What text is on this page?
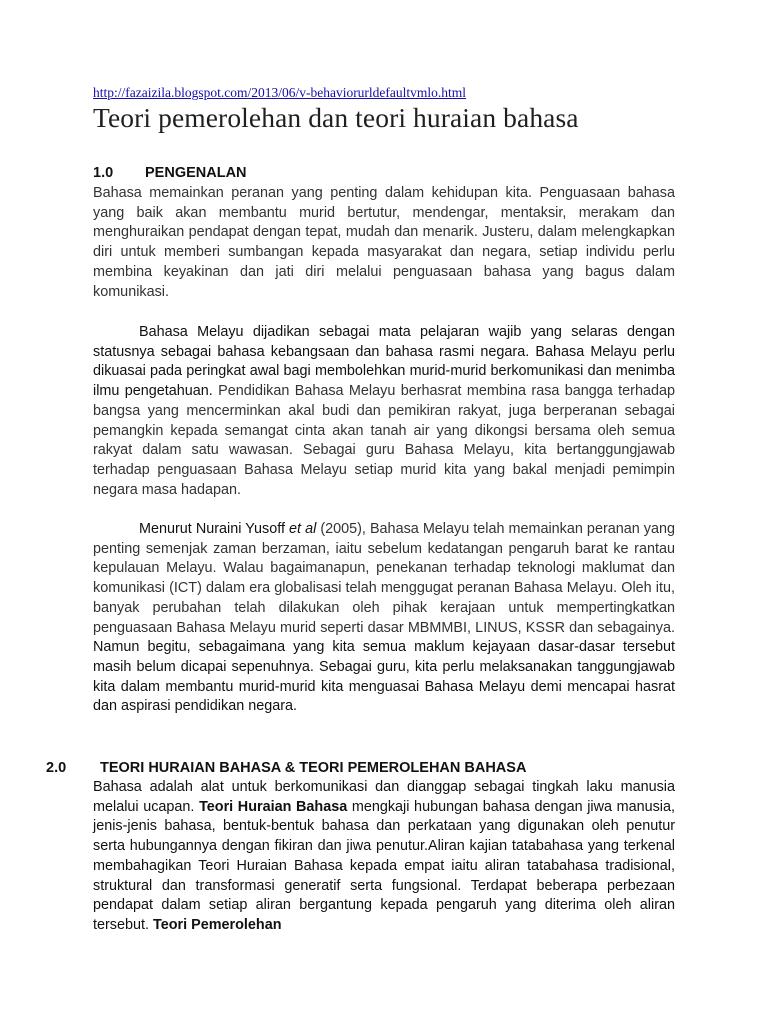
http://fazaizila.blogspot.com/2013/06/v-behaviorurldefaultvmlo.html
Teori pemerolehan dan teori huraian bahasa
1.0 PENGENALAN

Bahasa memainkan peranan yang penting dalam kehidupan kita. Penguasaan bahasa yang baik akan membantu murid bertutur, mendengar, mentaksir, merakam dan menghuraikan pendapat dengan tepat, mudah dan menarik. Justeru, dalam melengkapkan diri untuk memberi sumbangan kepada masyarakat dan negara, setiap individu perlu membina keyakinan dan jati diri melalui penguasaan bahasa yang bagus dalam komunikasi.

Bahasa Melayu dijadikan sebagai mata pelajaran wajib yang selaras dengan statusnya sebagai bahasa kebangsaan dan bahasa rasmi negara. Bahasa Melayu perlu dikuasai pada peringkat awal bagi membolehkan murid-murid berkomunikasi dan menimba ilmu pengetahuan. Pendidikan Bahasa Melayu berhasrat membina rasa bangga terhadap bangsa yang mencerminkan akal budi dan pemikiran rakyat, juga berperanan sebagai pemangkin kepada semangat cinta akan tanah air yang dikongsi bersama oleh semua rakyat dalam satu wawasan. Sebagai guru Bahasa Melayu, kita bertanggungjawab terhadap penguasaan Bahasa Melayu setiap murid kita yang bakal menjadi pemimpin negara masa hadapan.

Menurut Nuraini Yusoff et al (2005), Bahasa Melayu telah memainkan peranan yang penting semenjak zaman berzaman, iaitu sebelum kedatangan pengaruh barat ke rantau kepulauan Melayu. Walau bagaimanapun, penekanan terhadap teknologi maklumat dan komunikasi (ICT) dalam era globalisasi telah menggugat peranan Bahasa Melayu. Oleh itu, banyak perubahan telah dilakukan oleh pihak kerajaan untuk mempertingkatkan penguasaan Bahasa Melayu murid seperti dasar MBMMBI, LINUS, KSSR dan sebagainya. Namun begitu, sebagaimana yang kita semua maklum kejayaan dasar-dasar tersebut masih belum dicapai sepenuhnya. Sebagai guru, kita perlu melaksanakan tanggungjawab kita dalam membantu murid-murid kita menguasai Bahasa Melayu demi mencapai hasrat dan aspirasi pendidikan negara.

2.0 TEORI HURAIAN BAHASA & TEORI PEMEROLEHAN BAHASA

Bahasa adalah alat untuk berkomunikasi dan dianggap sebagai tingkah laku manusia melalui ucapan. Teori Huraian Bahasa mengkaji hubungan bahasa dengan jiwa manusia, jenis-jenis bahasa, bentuk-bentuk bahasa dan perkataan yang digunakan oleh penutur serta hubungannya dengan fikiran dan jiwa penutur.Aliran kajian tatabahasa yang terkenal membahagikan Teori Huraian Bahasa kepada empat iaitu aliran tatabahasa tradisional, struktural dan transformasi generatif serta fungsional. Terdapat beberapa perbezaan pendapat dalam setiap aliran bergantung kepada pengaruh yang diterima oleh aliran tersebut. Teori Pemerolehan
